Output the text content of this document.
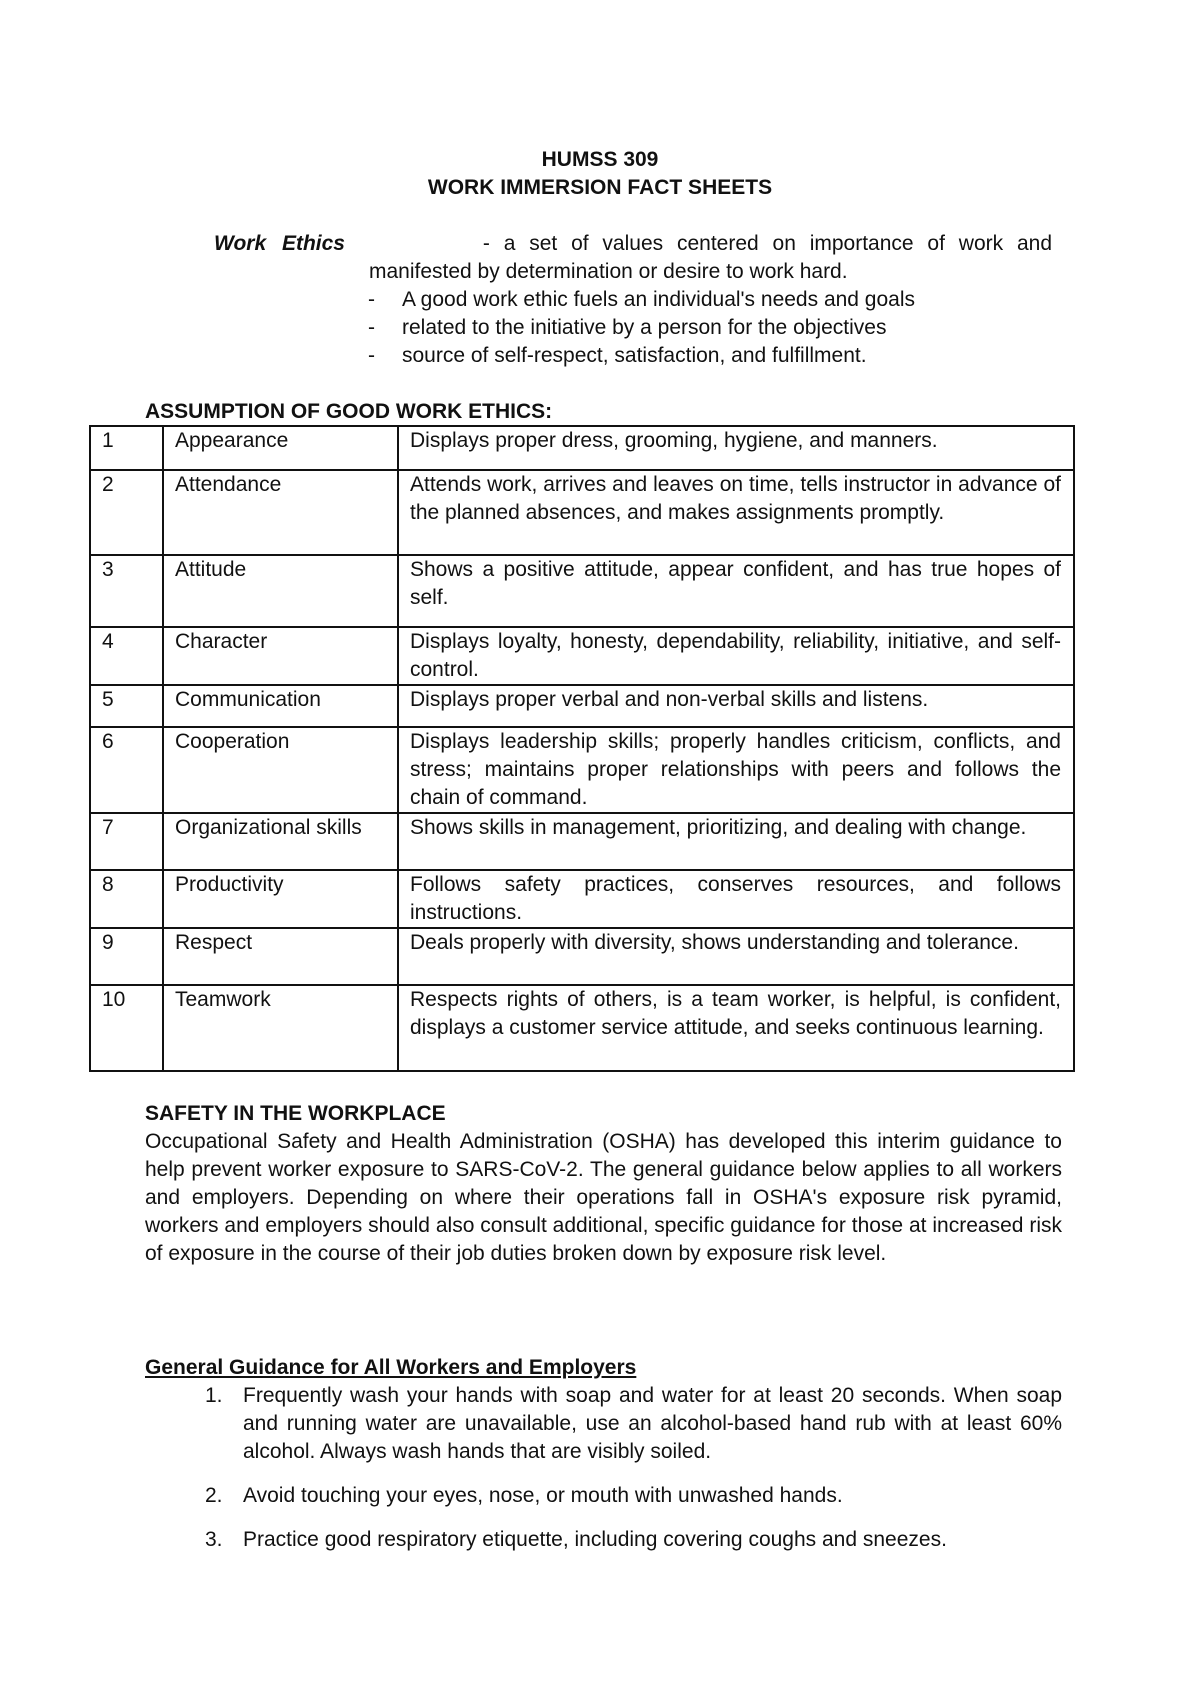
HUMSS 309
WORK IMMERSION FACT SHEETS
Work Ethics	- a set of values centered on importance of work and
manifested by determination or desire to work hard.
- A good work ethic fuels an individual's needs and goals
- related to the initiative by a person for the objectives
- source of self-respect, satisfaction, and fulfillment.
ASSUMPTION OF GOOD WORK ETHICS:
1	Appearance	Displays proper dress, grooming, hygiene, and manners.
2	Attendance	Attends work, arrives and leaves on time, tells instructor in advance of the planned absences, and makes assignments promptly.
3	Attitude	Shows a positive attitude, appear confident, and has true hopes of self.
4	Character	Displays loyalty, honesty, dependability, reliability, initiative, and self-control.
5	Communication	Displays proper verbal and non-verbal skills and listens.
6	Cooperation	Displays leadership skills; properly handles criticism, conflicts, and stress; maintains proper relationships with peers and follows the chain of command.
7	Organizational skills	Shows skills in management, prioritizing, and dealing with change.
8	Productivity	Follows safety practices, conserves resources, and follows instructions.
9	Respect	Deals properly with diversity, shows understanding and tolerance.
10	Teamwork	Respects rights of others, is a team worker, is helpful, is confident, displays a customer service attitude, and seeks continuous learning.
SAFETY IN THE WORKPLACE
Occupational Safety and Health Administration (OSHA) has developed this interim guidance to help prevent worker exposure to SARS-CoV-2. The general guidance below applies to all workers and employers. Depending on where their operations fall in OSHA's exposure risk pyramid, workers and employers should also consult additional, specific guidance for those at increased risk of exposure in the course of their job duties broken down by exposure risk level.
General Guidance for All Workers and Employers
1. Frequently wash your hands with soap and water for at least 20 seconds. When soap and running water are unavailable, use an alcohol-based hand rub with at least 60% alcohol. Always wash hands that are visibly soiled.
2. Avoid touching your eyes, nose, or mouth with unwashed hands.
3. Practice good respiratory etiquette, including covering coughs and sneezes.
